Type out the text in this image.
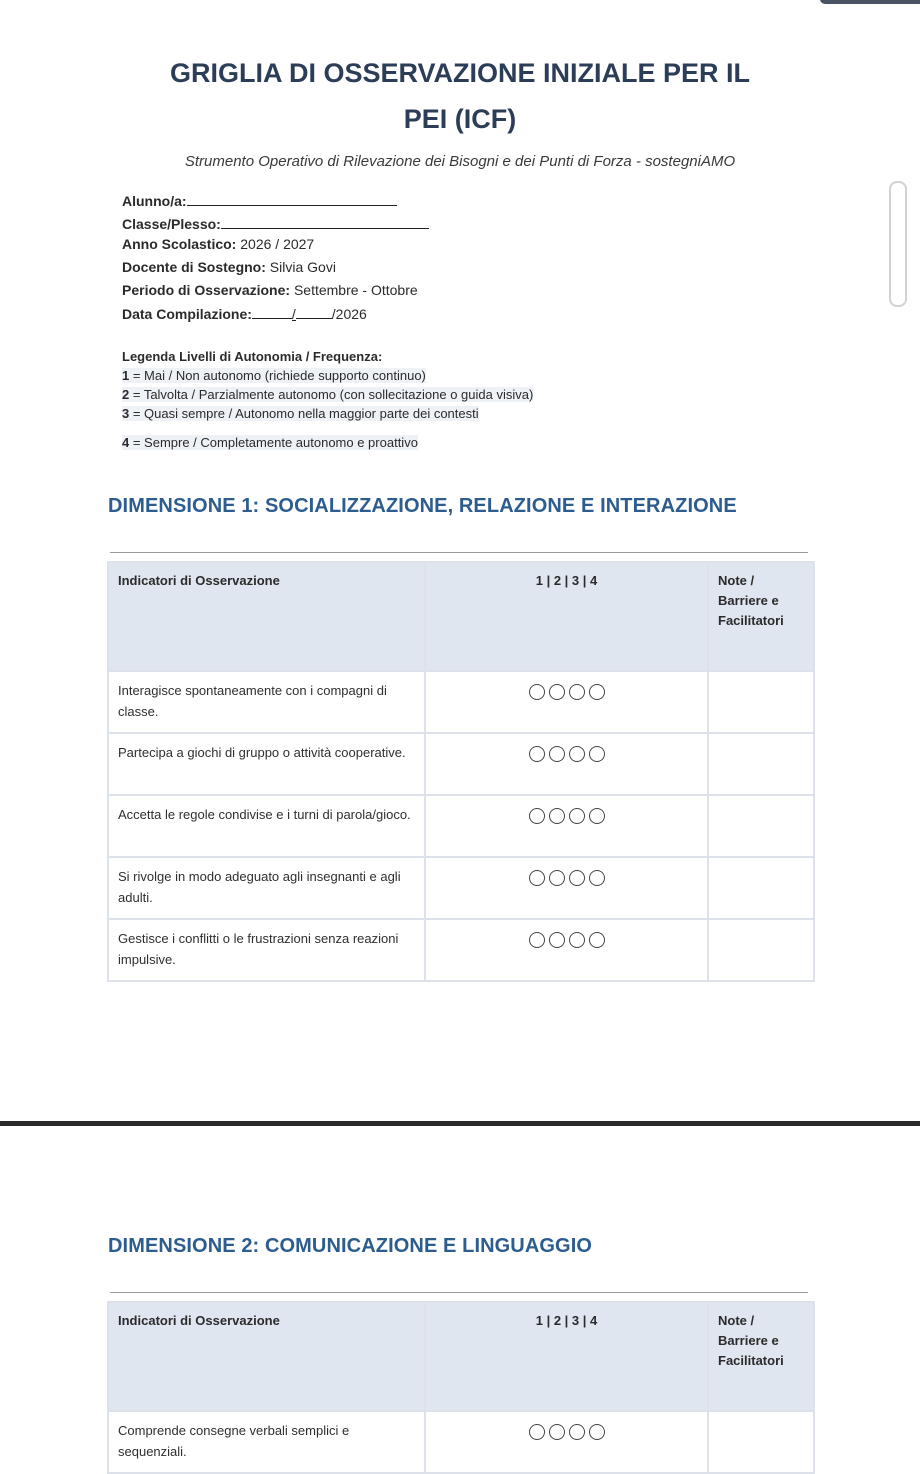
GRIGLIA DI OSSERVAZIONE INIZIALE PER IL
PEI (ICF)
Strumento Operativo di Rilevazione dei Bisogni e dei Punti di Forza - sostegniAMO
Alunno/a:
Classe/Plesso:
Anno Scolastico: 2026 / 2027
Docente di Sostegno: Silvia Govi
Periodo di Osservazione: Settembre - Ottobre
Data Compilazione:	/	/2026
Legenda Livelli di Autonomia / Frequenza:
1 = Mai / Non autonomo (richiede supporto continuo)
2 = Talvolta / Parzialmente autonomo (con sollecitazione o guida visiva)
3 = Quasi sempre / Autonomo nella maggior parte dei contesti
4 = Sempre / Completamente autonomo e proattivo
DIMENSIONE 1: SOCIALIZZAZIONE, RELAZIONE E INTERAZIONE
Indicatori di Osservazione	1 | 2 | 3 | 4	Note / Barriere e Facilitatori
Interagisce spontaneamente con i compagni di classe.		
Partecipa a giochi di gruppo o attività cooperative.		
Accetta le regole condivise e i turni di parola/gioco.		
Si rivolge in modo adeguato agli insegnanti e agli adulti.		
Gestisce i conflitti o le frustrazioni senza reazioni impulsive.		
DIMENSIONE 2: COMUNICAZIONE E LINGUAGGIO
Indicatori di Osservazione	1 | 2 | 3 | 4	Note / Barriere e Facilitatori
Comprende consegne verbali semplici e sequenziali.		
